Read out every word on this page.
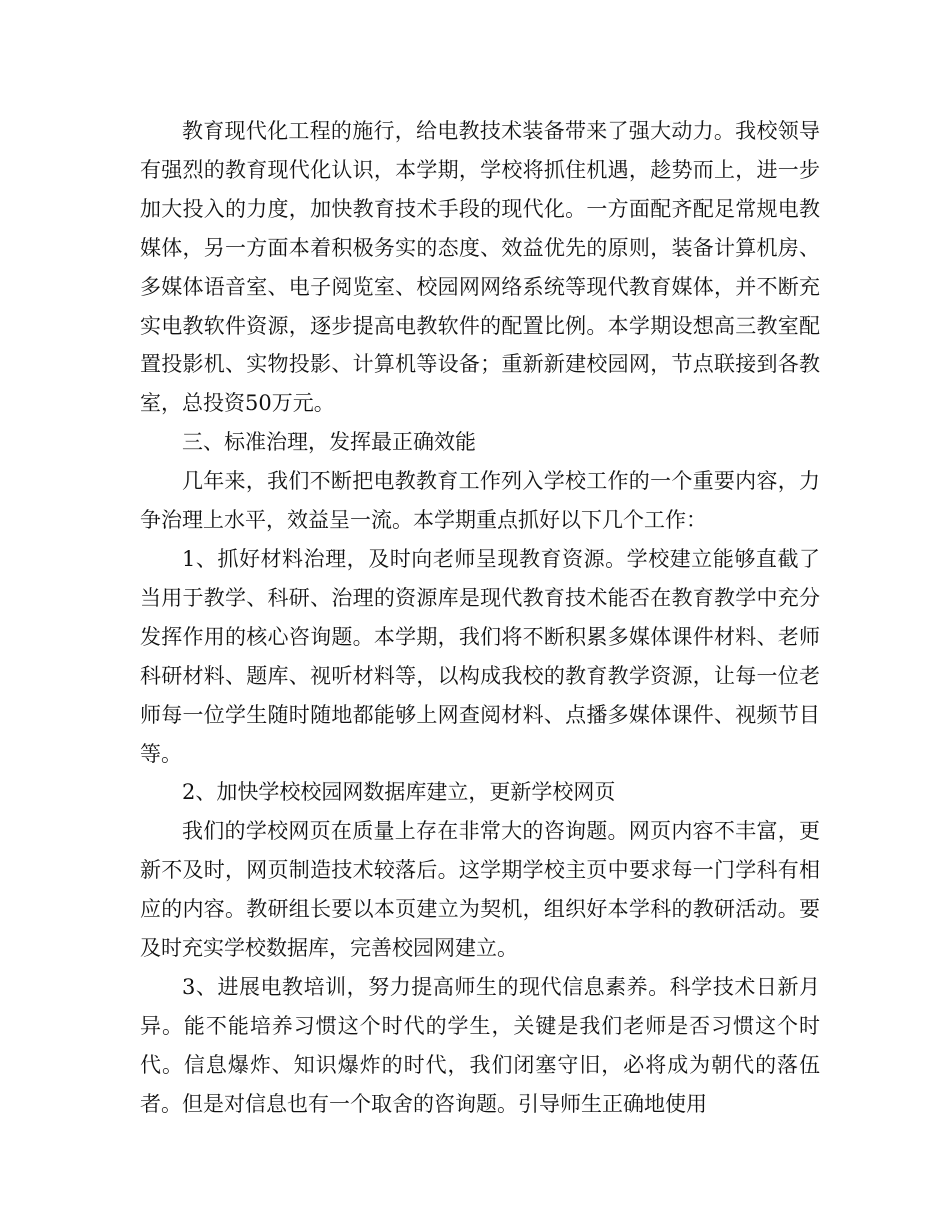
教育现代化工程的施行，给电教技术装备带来了强大动力。我校领导有强烈的教育现代化认识，本学期，学校将抓住机遇，趁势而上，进一步加大投入的力度，加快教育技术手段的现代化。一方面配齐配足常规电教媒体，另一方面本着积极务实的态度、效益优先的原则，装备计算机房、多媒体语音室、电子阅览室、校园网网络系统等现代教育媒体，并不断充实电教软件资源，逐步提高电教软件的配置比例。本学期设想高三教室配置投影机、实物投影、计算机等设备；重新新建校园网，节点联接到各教室，总投资50万元。

三、标准治理，发挥最正确效能

几年来，我们不断把电教教育工作列入学校工作的一个重要内容，力争治理上水平，效益呈一流。本学期重点抓好以下几个工作：

1、抓好材料治理，及时向老师呈现教育资源。学校建立能够直截了当用于教学、科研、治理的资源库是现代教育技术能否在教育教学中充分发挥作用的核心咨询题。本学期，我们将不断积累多媒体课件材料、老师科研材料、题库、视听材料等，以构成我校的教育教学资源，让每一位老师每一位学生随时随地都能够上网查阅材料、点播多媒体课件、视频节目等。

2、加快学校校园网数据库建立，更新学校网页

我们的学校网页在质量上存在非常大的咨询题。网页内容不丰富，更新不及时，网页制造技术较落后。这学期学校主页中要求每一门学科有相应的内容。教研组长要以本页建立为契机，组织好本学科的教研活动。要及时充实学校数据库，完善校园网建立。

3、进展电教培训，努力提高师生的现代信息素养。科学技术日新月异。能不能培养习惯这个时代的学生，关键是我们老师是否习惯这个时代。信息爆炸、知识爆炸的时代，我们闭塞守旧，必将成为朝代的落伍者。但是对信息也有一个取舍的咨询题。引导师生正确地使用
